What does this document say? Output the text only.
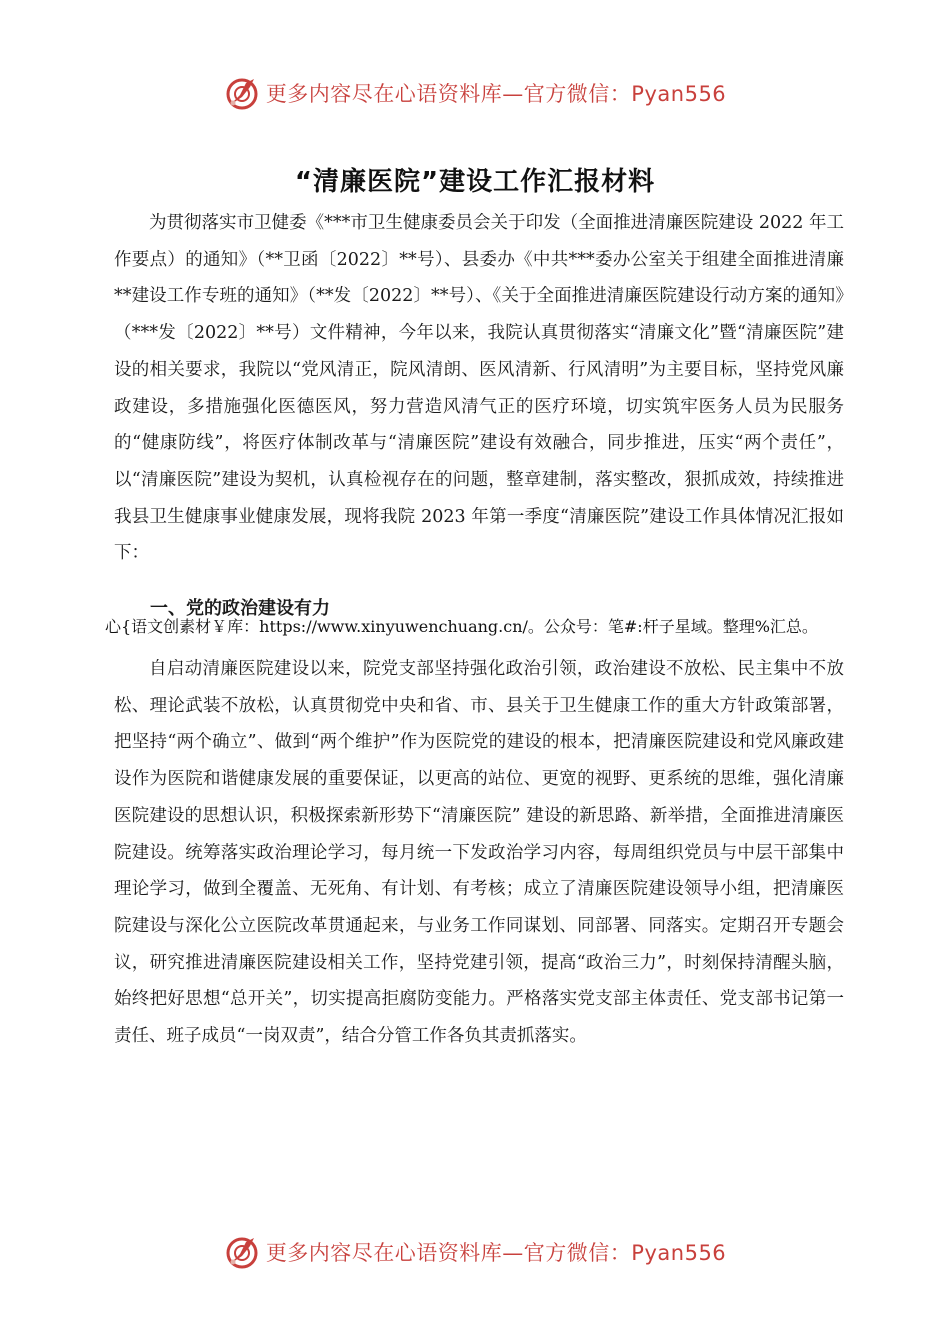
更多内容尽在心语资料库—官方微信：Pyan556
“清廉医院”建设工作汇报材料

为贯彻落实市卫健委《***市卫生健康委员会关于印发（全面推进清廉医院建设 2022 年工作要点）的通知》（**卫函〔2022〕**号）、县委办《中共***委办公室关于组建全面推进清廉**建设工作专班的通知》（**发〔2022〕**号）、《关于全面推进清廉医院建设行动方案的通知》（***发〔2022〕**号）文件精神，今年以来，我院认真贯彻落实“清廉文化”暨“清廉医院”建设的相关要求，我院以“党风清正，院风清朗、医风清新、行风清明”为主要目标，坚持党风廉政建设，多措施强化医德医风，努力营造风清气正的医疗环境，切实筑牢医务人员为民服务的“健康防线”，将医疗体制改革与“清廉医院”建设有效融合，同步推进，压实“两个责任”，以“清廉医院”建设为契机，认真检视存在的问题，整章建制，落实整改，狠抓成效，持续推进我县卫生健康事业健康发展，现将我院 2023 年第一季度“清廉医院”建设工作具体情况汇报如下：

一、党的政治建设有力

心{语文创素材￥库：https://www.xinyuwenchuang.cn/。公众号：笔#:杆子星域。整理%汇总。

自启动清廉医院建设以来，院党支部坚持强化政治引领，政治建设不放松、民主集中不放松、理论武装不放松，认真贯彻党中央和省、市、县关于卫生健康工作的重大方针政策部署，把坚持“两个确立”、做到“两个维护”作为医院党的建设的根本，把清廉医院建设和党风廉政建设作为医院和谐健康发展的重要保证，以更高的站位、更宽的视野、更系统的思维，强化清廉医院建设的思想认识，积极探索新形势下“清廉医院” 建设的新思路、新举措，全面推进清廉医院建设。统筹落实政治理论学习，每月统一下发政治学习内容，每周组织党员与中层干部集中理论学习，做到全覆盖、无死角、有计划、有考核；成立了清廉医院建设领导小组，把清廉医院建设与深化公立医院改革贯通起来，与业务工作同谋划、同部署、同落实。定期召开专题会议，研究推进清廉医院建设相关工作，坚持党建引领，提高“政治三力”，时刻保持清醒头脑，始终把好思想“总开关”，切实提高拒腐防变能力。严格落实党支部主体责任、党支部书记第一责任、班子成员“一岗双责”，结合分管工作各负其责抓落实。

更多内容尽在心语资料库—官方微信：Pyan556
